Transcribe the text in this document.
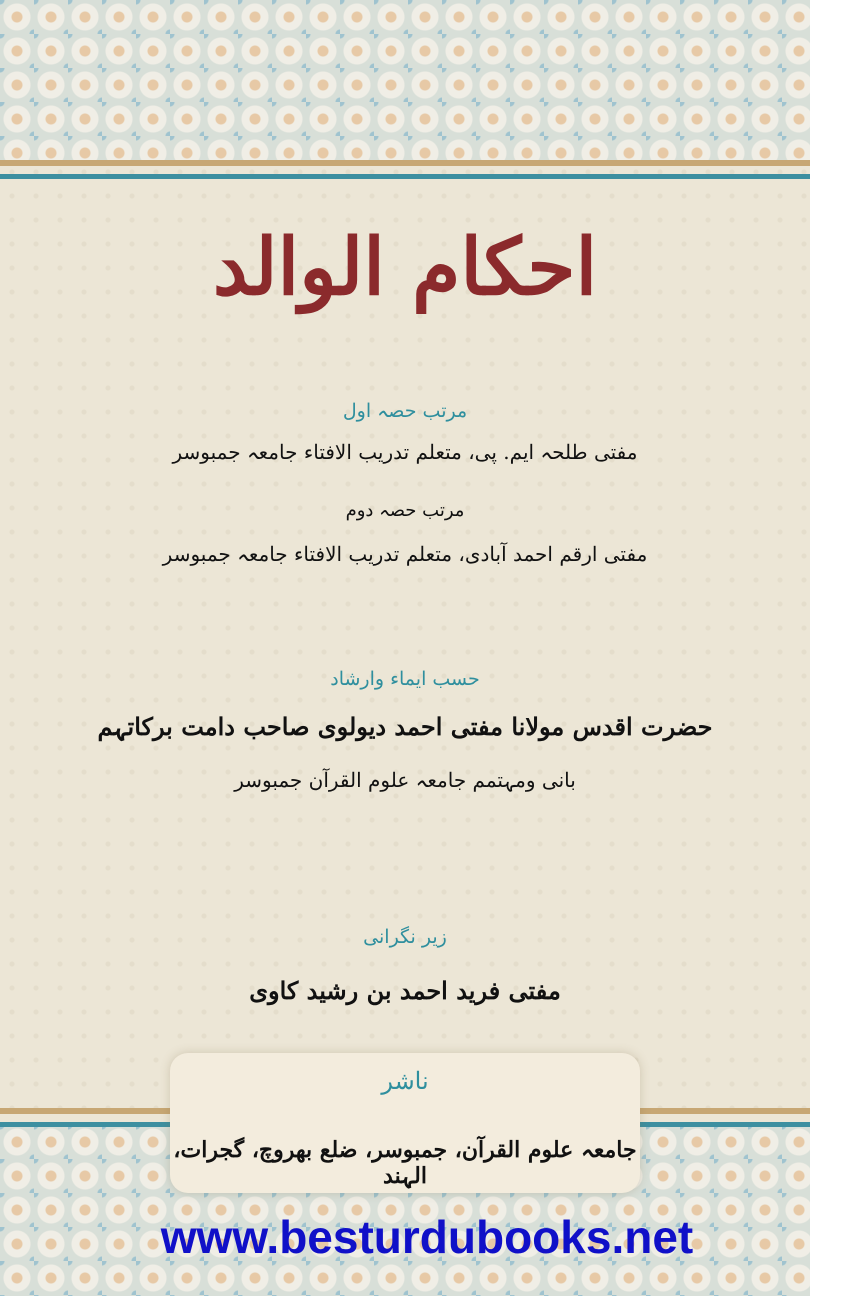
احکام الوالد
مرتب حصہ اول
مفتی طلحہ ایم. پی، متعلم تدریب الافتاء جامعہ جمبوسر
مرتب حصہ دوم
مفتی ارقم احمد آبادی، متعلم تدریب الافتاء جامعہ جمبوسر
حسب ایماء وارشاد
حضرت اقدس مولانا مفتی احمد دیولوی صاحب دامت برکاتہم
بانی ومہتمم جامعہ علوم القرآن جمبوسر
زیر نگرانی
مفتی فرید احمد بن رشید کاوی
ناشر
جامعہ علوم القرآن، جمبوسر، ضلع بھروچ، گجرات، الہند
www.besturdubooks.net
